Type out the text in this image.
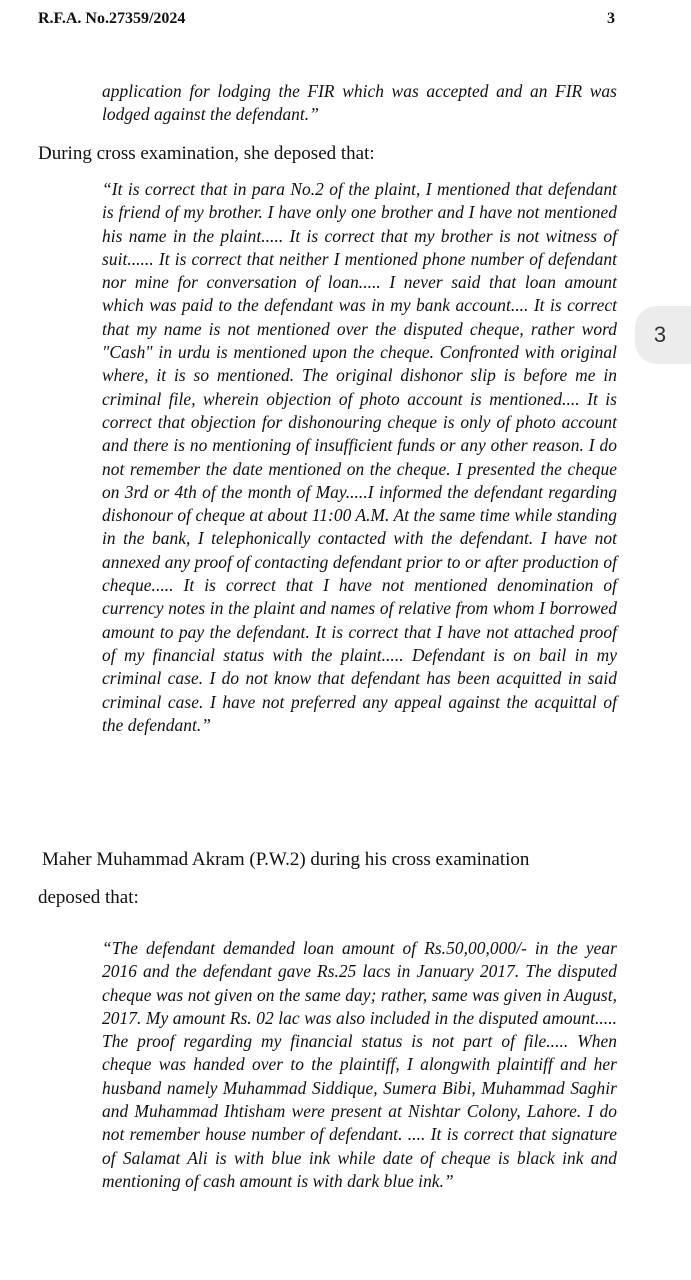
R.F.A. No.27359/2024	3

application for lodging the FIR which was accepted and an FIR was lodged against the defendant.”

During cross examination, she deposed that:

“It is correct that in para No.2 of the plaint, I mentioned that defendant is friend of my brother. I have only one brother and I have not mentioned his name in the plaint..... It is correct that my brother is not witness of suit...... It is correct that neither I mentioned phone number of defendant nor mine for conversation of loan..... I never said that loan amount which was paid to the defendant was in my bank account.... It is correct that my name is not mentioned over the disputed cheque, rather word "Cash" in urdu is mentioned upon the cheque. Confronted with original where, it is so mentioned. The original dishonor slip is before me in criminal file, wherein objection of photo account is mentioned.... It is correct that objection for dishonouring cheque is only of photo account and there is no mentioning of insufficient funds or any other reason. I do not remember the date mentioned on the cheque. I presented the cheque on 3rd or 4th of the month of May.....I informed the defendant regarding dishonour of cheque at about 11:00 A.M. At the same time while standing in the bank, I telephonically contacted with the defendant. I have not annexed any proof of contacting defendant prior to or after production of cheque..... It is correct that I have not mentioned denomination of currency notes in the plaint and names of relative from whom I borrowed amount to pay the defendant. It is correct that I have not attached proof of my financial status with the plaint..... Defendant is on bail in my criminal case. I do not know that defendant has been acquitted in said criminal case. I have not preferred any appeal against the acquittal of the defendant.”

Maher Muhammad Akram (P.W.2) during his cross examination

deposed that:

“The defendant demanded loan amount of Rs.50,00,000/- in the year 2016 and the defendant gave Rs.25 lacs in January 2017. The disputed cheque was not given on the same day; rather, same was given in August, 2017. My amount Rs. 02 lac was also included in the disputed amount..... The proof regarding my financial status is not part of file..... When cheque was handed over to the plaintiff, I alongwith plaintiff and her husband namely Muhammad Siddique, Sumera Bibi, Muhammad Saghir and Muhammad Ihtisham were present at Nishtar Colony, Lahore. I do not remember house number of defendant. .... It is correct that signature of Salamat Ali is with blue ink while date of cheque is black ink and mentioning of cash amount is with dark blue ink.”

3
